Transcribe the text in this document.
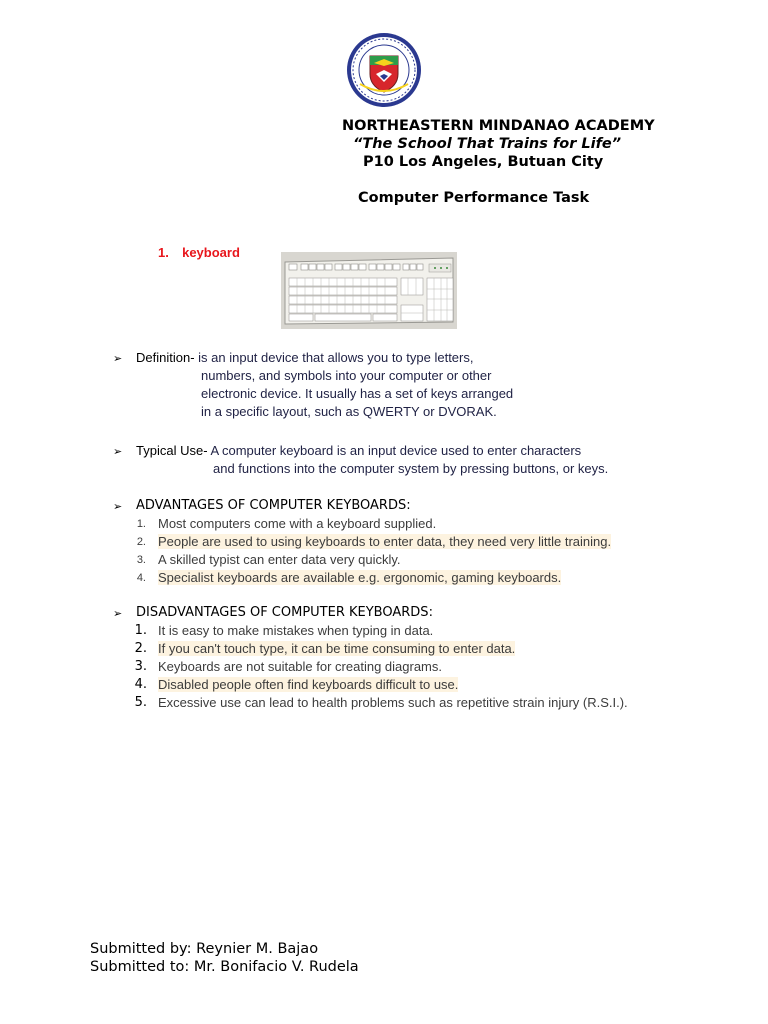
NORTHEASTERN MINDANAO ACADEMY
“The School That Trains for Life”
P10 Los Angeles, Butuan City
Computer Performance Task
1. keyboard
➢ Definition- is an input device that allows you to type letters,
numbers, and symbols into your computer or other
electronic device. It usually has a set of keys arranged
in a specific layout, such as QWERTY or DVORAK.
➢ Typical Use- A computer keyboard is an input device used to enter characters
and functions into the computer system by pressing buttons, or keys.
➢ ADVANTAGES OF COMPUTER KEYBOARDS:
1. Most computers come with a keyboard supplied.
2. People are used to using keyboards to enter data, they need very little training.
3. A skilled typist can enter data very quickly.
4. Specialist keyboards are available e.g. ergonomic, gaming keyboards.
➢ DISADVANTAGES OF COMPUTER KEYBOARDS:
1. It is easy to make mistakes when typing in data.
2. If you can't touch type, it can be time consuming to enter data.
3. Keyboards are not suitable for creating diagrams.
4. Disabled people often find keyboards difficult to use.
5. Excessive use can lead to health problems such as repetitive strain injury (R.S.I.).
Submitted by: Reynier M. Bajao
Submitted to: Mr. Bonifacio V. Rudela
